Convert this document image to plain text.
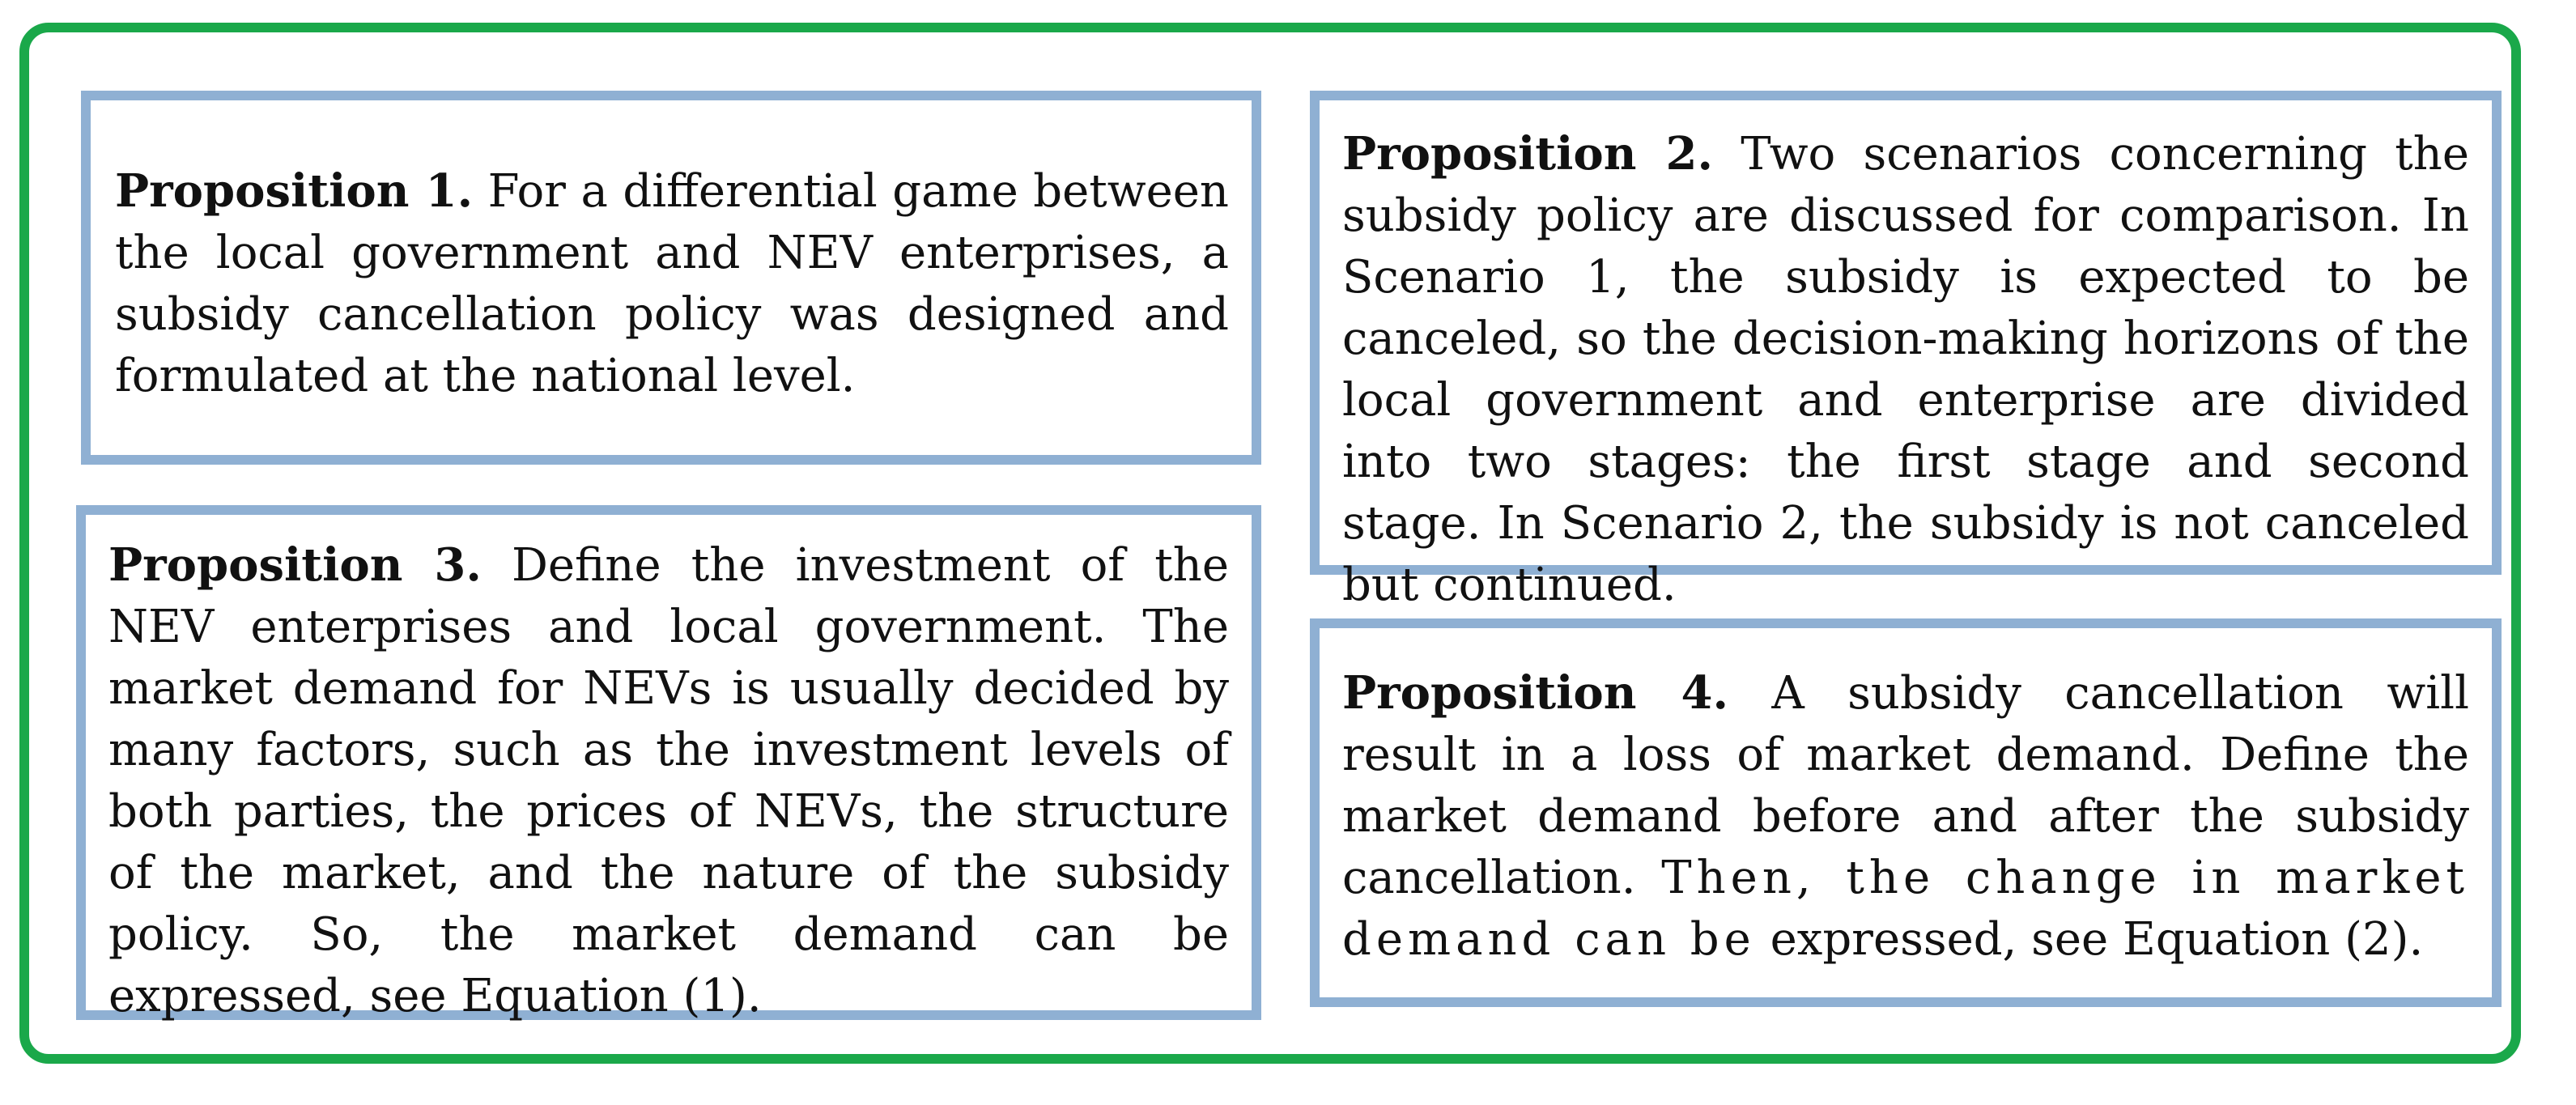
Proposition 1. For a differential game between the local government and NEV enterprises, a subsidy cancellation policy was designed and formulated at the national level.
Proposition 2. Two scenarios concerning the subsidy policy are discussed for comparison. In Scenario 1, the subsidy is expected to be canceled, so the decision-making horizons of the local government and enterprise are divided into two stages: the first stage and second stage. In Scenario 2, the subsidy is not canceled but continued.
Proposition 3. Define the investment of the NEV enterprises and local government. The market demand for NEVs is usually decided by many factors, such as the investment levels of both parties, the prices of NEVs, the structure of the market, and the nature of the subsidy policy. So, the market demand can be expressed, see Equation (1).
Proposition 4. A subsidy cancellation will result in a loss of market demand. Define the market demand before and after the subsidy cancellation. Then, the change in market demand can be expressed, see Equation (2).
